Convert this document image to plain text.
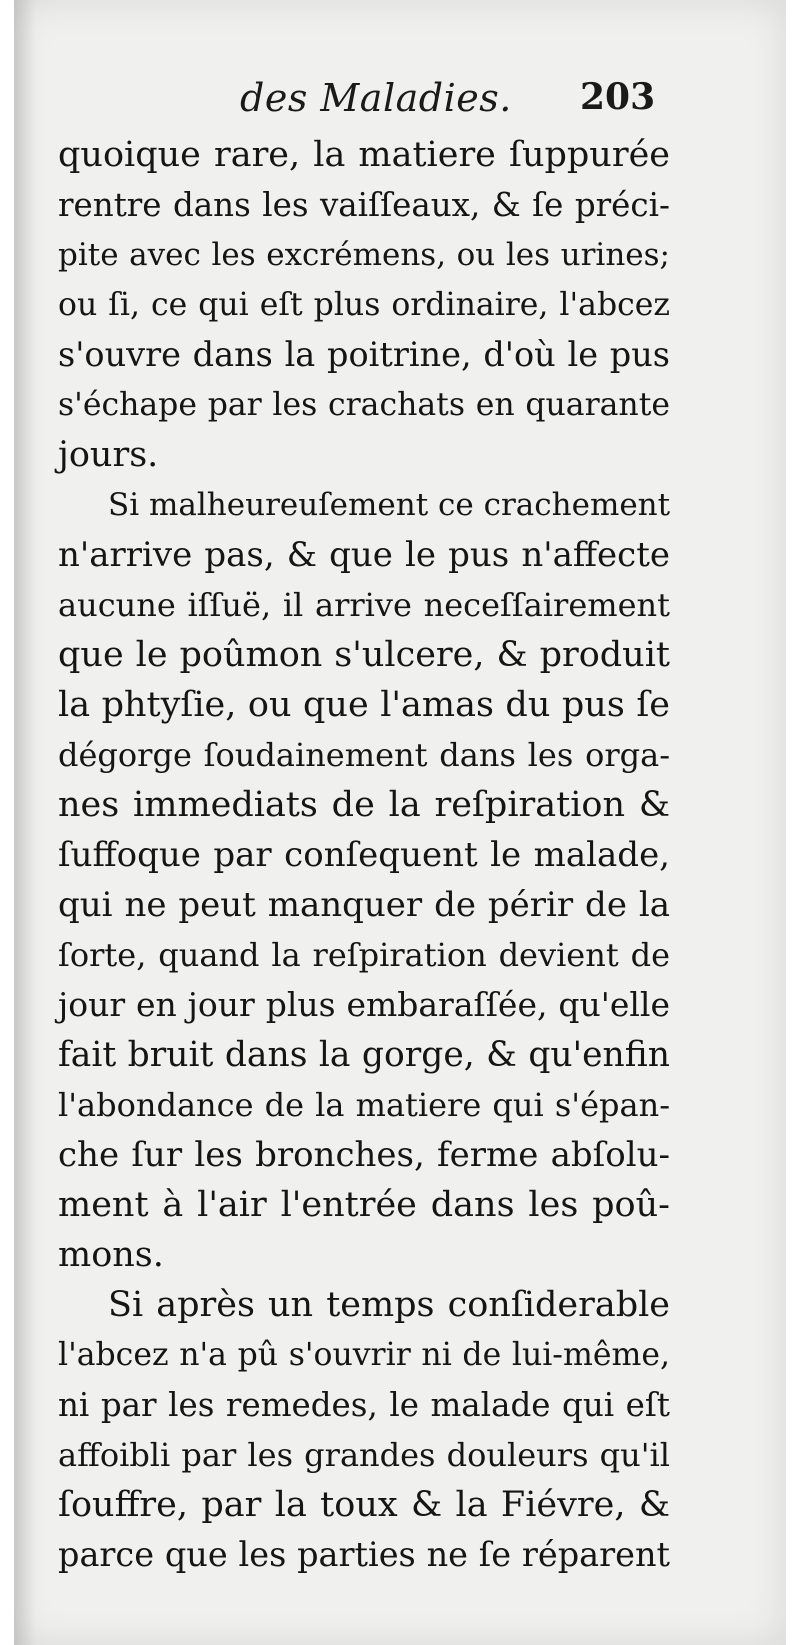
des Maladies. 203
quoique rare, la matiere ſuppurée
rentre dans les vaiſſeaux, & ſe préci-
pite avec les excrémens, ou les urines;
ou ſi, ce qui eſt plus ordinaire, l'abcez
s'ouvre dans la poitrine, d'où le pus
s'échape par les crachats en quarante
jours.
Si malheureuſement ce crachement
n'arrive pas, & que le pus n'affecte
aucune iſſuë, il arrive neceſſairement
que le poûmon s'ulcere, & produit
la phtyſie, ou que l'amas du pus ſe
dégorge ſoudainement dans les orga-
nes immediats de la reſpiration &
ſuffoque par conſequent le malade,
qui ne peut manquer de périr de la
ſorte, quand la reſpiration devient de
jour en jour plus embaraſſée, qu'elle
fait bruit dans la gorge, & qu'enfin
l'abondance de la matiere qui s'épan-
che ſur les bronches, ferme abſolu-
ment à l'air l'entrée dans les poû-
mons.
Si après un temps conſiderable
l'abcez n'a pû s'ouvrir ni de lui-même,
ni par les remedes, le malade qui eſt
affoibli par les grandes douleurs qu'il
ſouffre, par la toux & la Fiévre, &
parce que les parties ne ſe réparent
